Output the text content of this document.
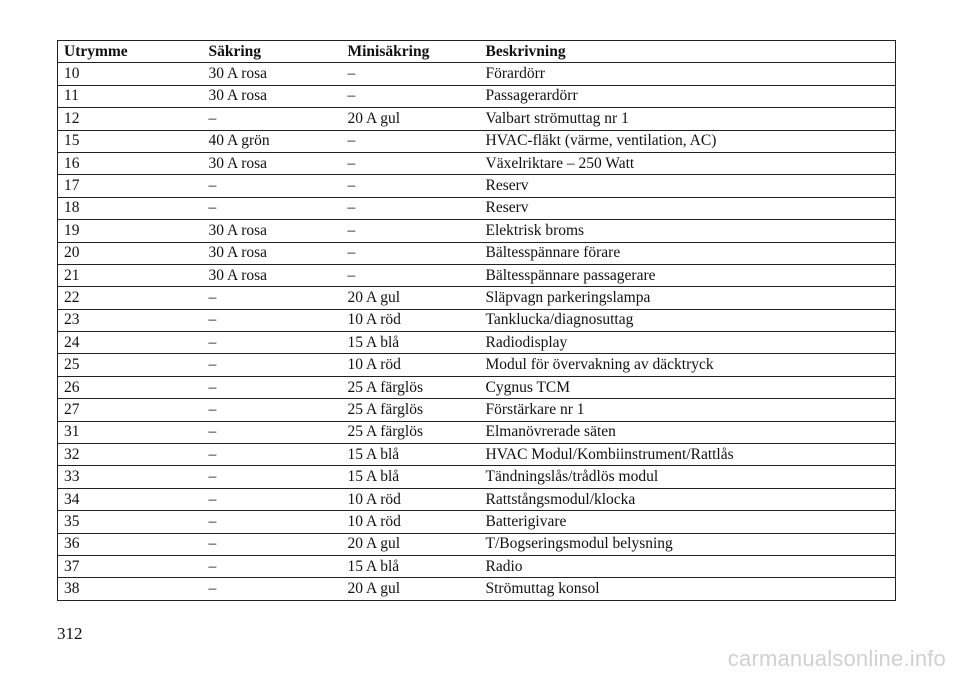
Utrymme	Säkring	Minisäkring	Beskrivning
10	30 A rosa	–	Förardörr
11	30 A rosa	–	Passagerardörr
12	–	20 A gul	Valbart strömuttag nr 1
15	40 A grön	–	HVAC-fläkt (värme, ventilation, AC)
16	30 A rosa	–	Växelriktare – 250 Watt
17	–	–	Reserv
18	–	–	Reserv
19	30 A rosa	–	Elektrisk broms
20	30 A rosa	–	Bältesspännare förare
21	30 A rosa	–	Bältesspännare passagerare
22	–	20 A gul	Släpvagn parkeringslampa
23	–	10 A röd	Tanklucka/diagnosuttag
24	–	15 A blå	Radiodisplay
25	–	10 A röd	Modul för övervakning av däcktryck
26	–	25 A färglös	Cygnus TCM
27	–	25 A färglös	Förstärkare nr 1
31	–	25 A färglös	Elmanövrerade säten
32	–	15 A blå	HVAC Modul/Kombiinstrument/Rattlås
33	–	15 A blå	Tändningslås/trådlös modul
34	–	10 A röd	Rattstångsmodul/klocka
35	–	10 A röd	Batterigivare
36	–	20 A gul	T/Bogseringsmodul belysning
37	–	15 A blå	Radio
38	–	20 A gul	Strömuttag konsol
312
carmanualsonline.info
